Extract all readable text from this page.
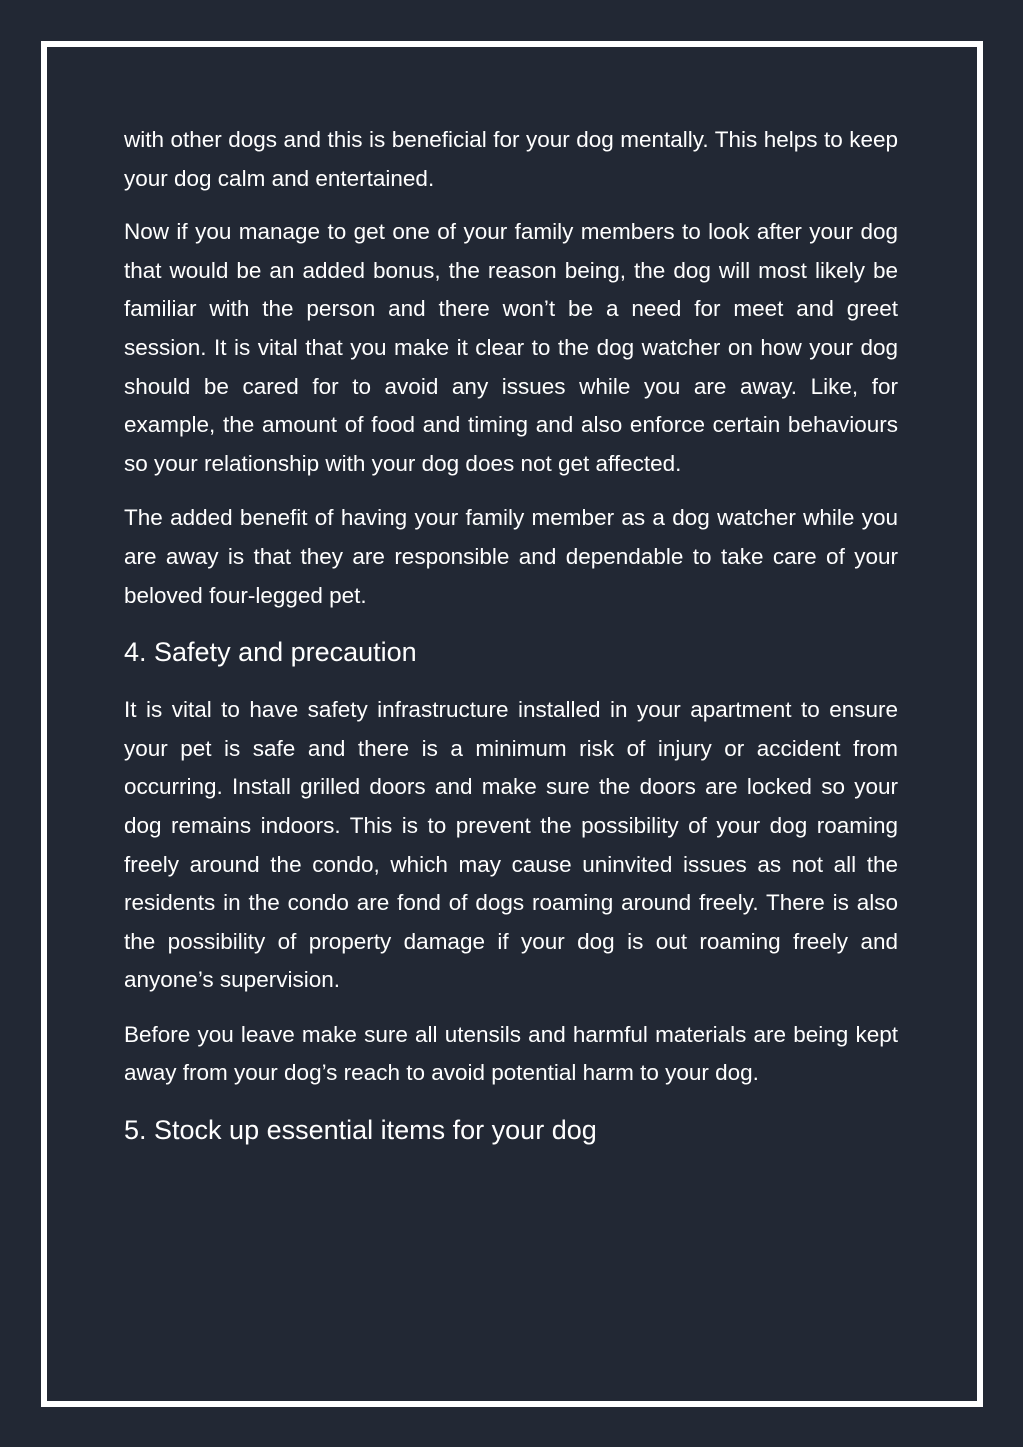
with other dogs and this is beneficial for your dog mentally. This helps to keep your dog calm and entertained.

Now if you manage to get one of your family members to look after your dog that would be an added bonus, the reason being, the dog will most likely be familiar with the person and there won’t be a need for meet and greet session. It is vital that you make it clear to the dog watcher on how your dog should be cared for to avoid any issues while you are away. Like, for example, the amount of food and timing and also enforce certain behaviours so your relationship with your dog does not get affected.

The added benefit of having your family member as a dog watcher while you are away is that they are responsible and dependable to take care of your beloved four-legged pet.

4. Safety and precaution

It is vital to have safety infrastructure installed in your apartment to ensure your pet is safe and there is a minimum risk of injury or accident from occurring. Install grilled doors and make sure the doors are locked so your dog remains indoors. This is to prevent the possibility of your dog roaming freely around the condo, which may cause uninvited issues as not all the residents in the condo are fond of dogs roaming around freely. There is also the possibility of property damage if your dog is out roaming freely and anyone’s supervision.

Before you leave make sure all utensils and harmful materials are being kept away from your dog’s reach to avoid potential harm to your dog.

5. Stock up essential items for your dog
